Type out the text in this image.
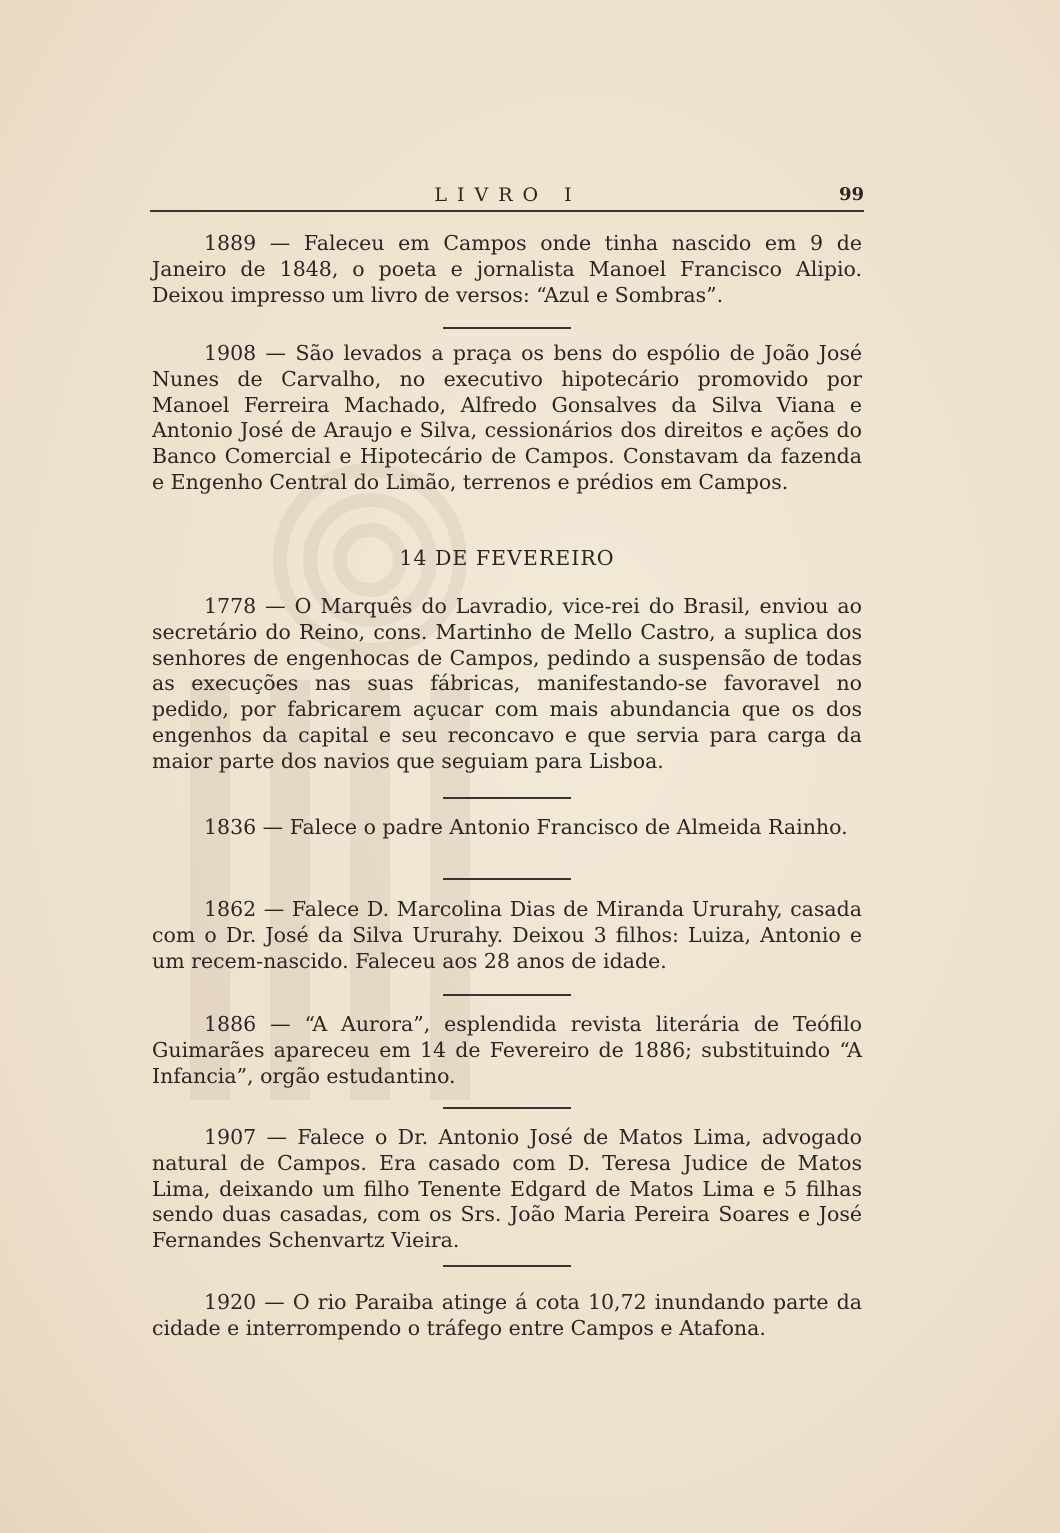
LIVRO I	99

1889 — Faleceu em Campos onde tinha nascido em 9 de Janeiro de 1848, o poeta e jornalista Manoel Francisco Alipio. Deixou impresso um livro de versos: “Azul e Sombras”.

1908 — São levados a praça os bens do espólio de João José Nunes de Carvalho, no executivo hipotecário promovido por Manoel Ferreira Machado, Alfredo Gonsalves da Silva Viana e Antonio José de Araujo e Silva, cessionários dos direitos e ações do Banco Comercial e Hipotecário de Campos. Constavam da fazenda e Engenho Central do Limão, terrenos e prédios em Campos.

14 DE FEVEREIRO

1778 — O Marquês do Lavradio, vice-rei do Brasil, enviou ao secretário do Reino, cons. Martinho de Mello Castro, a suplica dos senhores de engenhocas de Campos, pedindo a suspensão de todas as execuções nas suas fábricas, manifestando-se favoravel no pedido, por fabricarem açucar com mais abundancia que os dos engenhos da capital e seu reconcavo e que servia para carga da maior parte dos navios que seguiam para Lisboa.

1836 — Falece o padre Antonio Francisco de Almeida Rainho.

1862 — Falece D. Marcolina Dias de Miranda Ururahy, casada com o Dr. José da Silva Ururahy. Deixou 3 filhos: Luiza, Antonio e um recem-nascido. Faleceu aos 28 anos de idade.

1886 — “A Aurora”, esplendida revista literária de Teófilo Guimarães apareceu em 14 de Fevereiro de 1886; substituindo “A Infancia”, orgão estudantino.

1907 — Falece o Dr. Antonio José de Matos Lima, advogado natural de Campos. Era casado com D. Teresa Judice de Matos Lima, deixando um filho Tenente Edgard de Matos Lima e 5 filhas sendo duas casadas, com os Srs. João Maria Pereira Soares e José Fernandes Schenvartz Vieira.

1920 — O rio Paraiba atinge á cota 10,72 inundando parte da cidade e interrompendo o tráfego entre Campos e Atafona.
